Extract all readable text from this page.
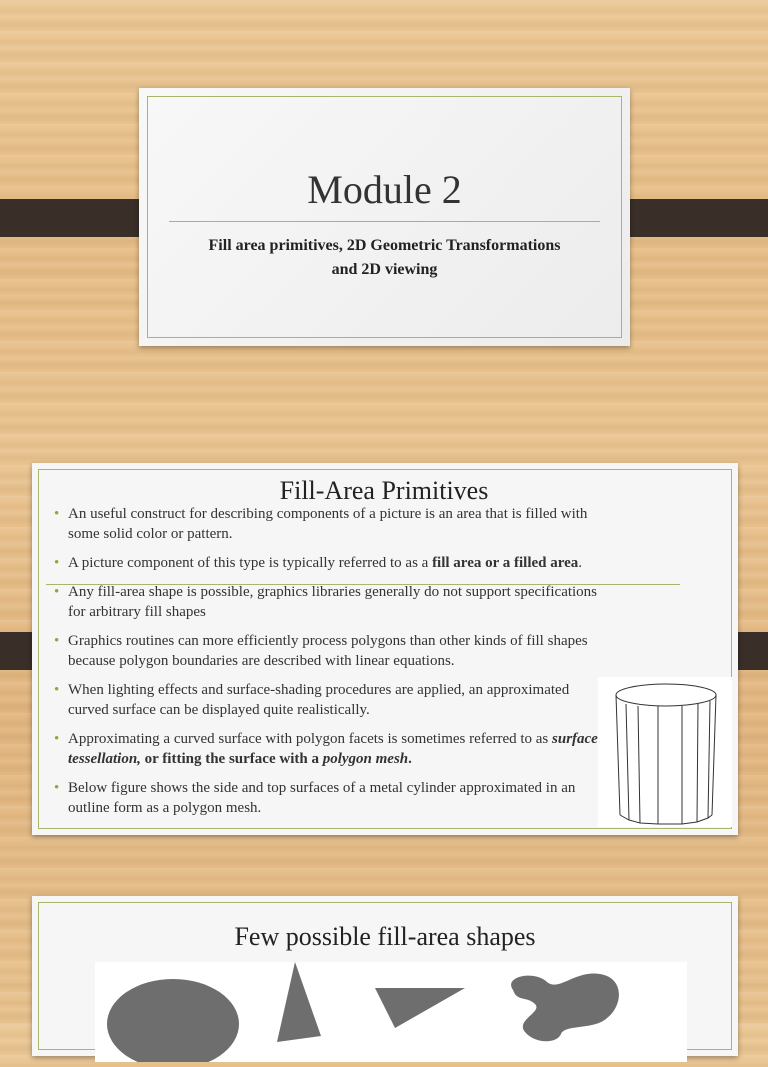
Module 2
Fill area primitives, 2D Geometric Transformations
and 2D viewing
Fill-Area Primitives
• An useful construct for describing components of a picture is an area that is filled with some solid color or pattern.
• A picture component of this type is typically referred to as a fill area or a filled area.
• Any fill-area shape is possible, graphics libraries generally do not support specifications for arbitrary fill shapes
• Graphics routines can more efficiently process polygons than other kinds of fill shapes because polygon boundaries are described with linear equations.
• When lighting effects and surface-shading procedures are applied, an approximated curved surface can be displayed quite realistically.
• Approximating a curved surface with polygon facets is sometimes referred to as surface tessellation, or fitting the surface with a polygon mesh.
• Below figure shows the side and top surfaces of a metal cylinder approximated in an outline form as a polygon mesh.
Few possible fill-area shapes
